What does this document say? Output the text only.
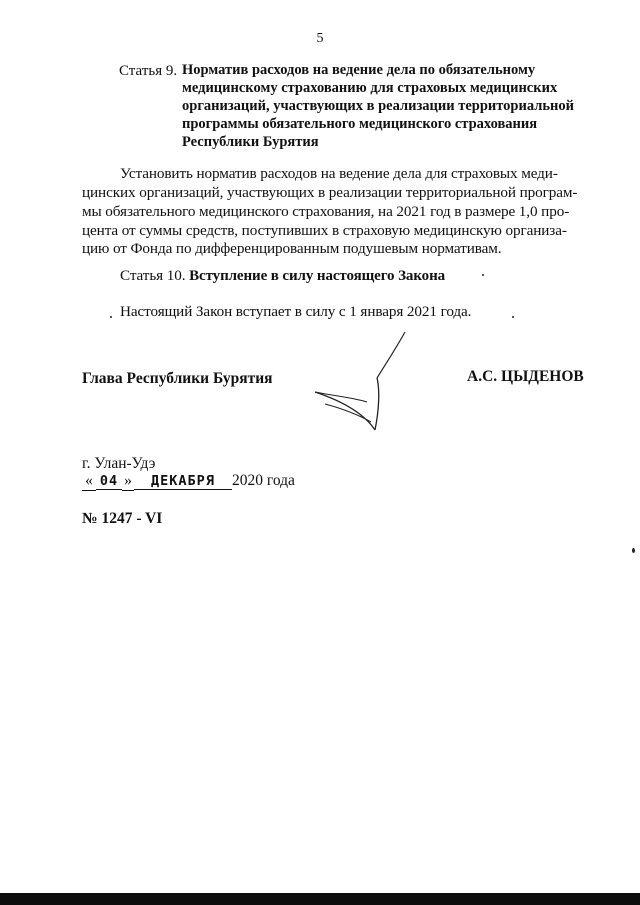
5
Статья 9. Норматив расходов на ведение дела по обязательному
медицинскому страхованию для страховых медицинских
организаций, участвующих в реализации территориальной
программы обязательного медицинского страхования
Республики Бурятия
Установить норматив расходов на ведение дела для страховых меди-
цинских организаций, участвующих в реализации территориальной програм-
мы обязательного медицинского страхования, на 2021 год в размере 1,0 про-
цента от суммы средств, поступивших в страховую медицинскую организа-
цию от Фонда по дифференцированным подушевым нормативам.
Статья 10. Вступление в силу настоящего Закона
Настоящий Закон вступает в силу с 1 января 2021 года.
Глава Республики Бурятия	А.С. ЦЫДЕНОВ
г. Улан-Удэ
« 04 » ДЕКАБРЯ 2020 года
№ 1247 - VI
